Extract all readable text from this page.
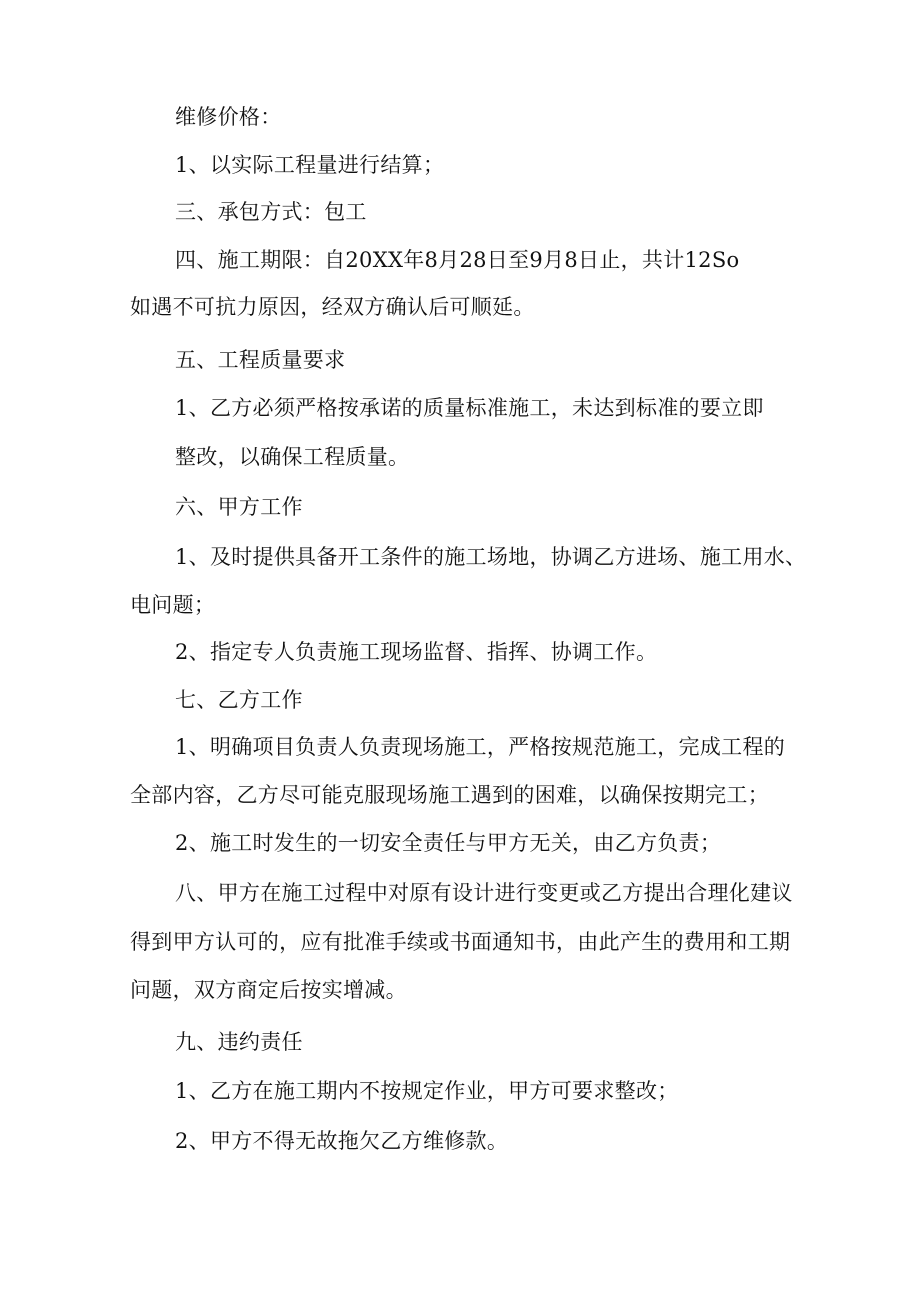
维修价格：

1、以实际工程量进行结算；

三、承包方式：包工

四、施工期限：自20XX年8月28日至9月8日止，共计12So

如遇不可抗力原因，经双方确认后可顺延。

五、工程质量要求

1、乙方必须严格按承诺的质量标准施工，未达到标准的要立即

整改，以确保工程质量。

六、甲方工作

1、及时提供具备开工条件的施工场地，协调乙方进场、施工用水、

电问题；

2、指定专人负责施工现场监督、指挥、协调工作。

七、乙方工作

1、明确项目负责人负责现场施工，严格按规范施工，完成工程的

全部内容，乙方尽可能克服现场施工遇到的困难，以确保按期完工；

2、施工时发生的一切安全责任与甲方无关，由乙方负责；

八、甲方在施工过程中对原有设计进行变更或乙方提出合理化建议

得到甲方认可的，应有批准手续或书面通知书，由此产生的费用和工期

问题，双方商定后按实增减。

九、违约责任

1、乙方在施工期内不按规定作业，甲方可要求整改；

2、甲方不得无故拖欠乙方维修款。
